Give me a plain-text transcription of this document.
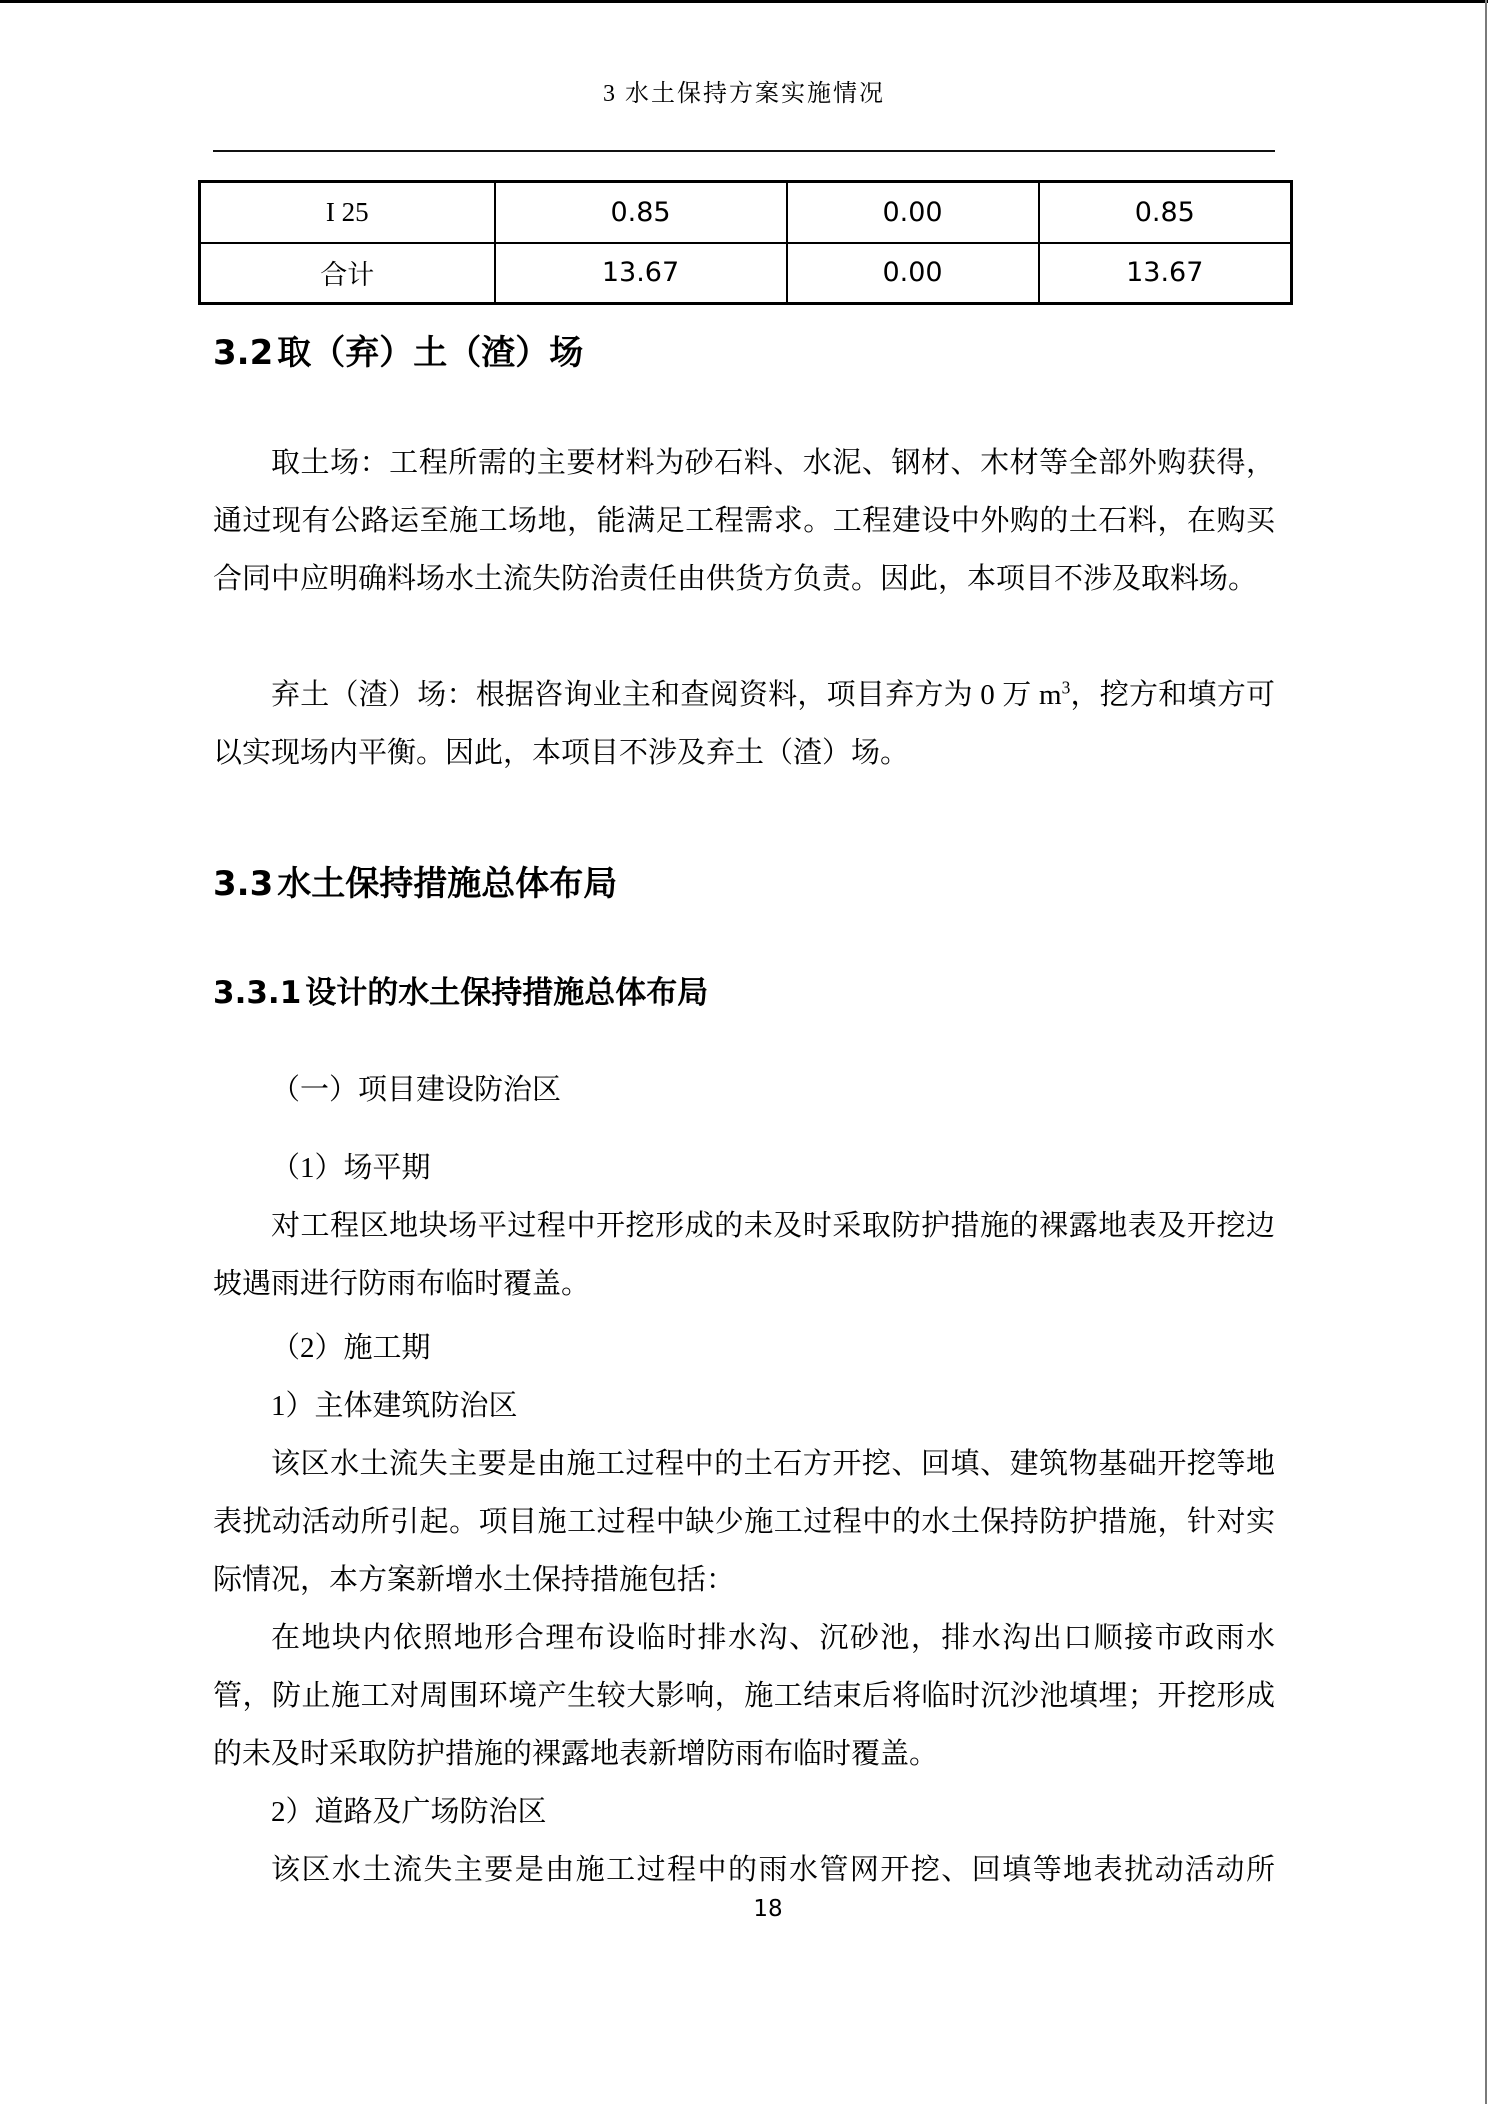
3 水土保持方案实施情况
I 25	0.85	0.00	0.85
合计	13.67	0.00	13.67
3.2 取（弃）土（渣）场

取土场：工程所需的主要材料为砂石料、水泥、钢材、木材等全部外购获得，通过现有公路运至施工场地，能满足工程需求。工程建设中外购的土石料，在购买合同中应明确料场水土流失防治责任由供货方负责。因此，本项目不涉及取料场。

弃土（渣）场：根据咨询业主和查阅资料，项目弃方为 0 万 $m^3$，挖方和填方可以实现场内平衡。因此，本项目不涉及弃土（渣）场。

3.3 水土保持措施总体布局
3.3.1 设计的水土保持措施总体布局

（一）项目建设防治区

（1）场平期

对工程区地块场平过程中开挖形成的未及时采取防护措施的裸露地表及开挖边坡遇雨进行防雨布临时覆盖。

（2）施工期

1）主体建筑防治区

该区水土流失主要是由施工过程中的土石方开挖、回填、建筑物基础开挖等地表扰动活动所引起。项目施工过程中缺少施工过程中的水土保持防护措施，针对实际情况，本方案新增水土保持措施包括：

在地块内依照地形合理布设临时排水沟、沉砂池，排水沟出口顺接市政雨水管，防止施工对周围环境产生较大影响，施工结束后将临时沉沙池填埋；开挖形成的未及时采取防护措施的裸露地表新增防雨布临时覆盖。

2）道路及广场防治区

该区水土流失主要是由施工过程中的雨水管网开挖、回填等地表扰动活动所

18
